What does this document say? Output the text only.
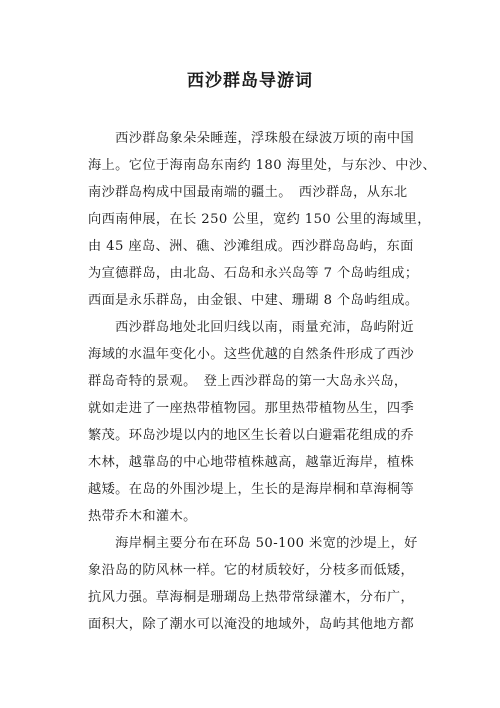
西沙群岛导游词
　　西沙群岛象朵朵睡莲，浮珠般在绿波万顷的南中国
海上。它位于海南岛东南约 180 海里处，与东沙、中沙、
南沙群岛构成中国最南端的疆土。　西沙群岛，从东北
向西南伸展，在长 250 公里，宽约 150 公里的海域里，
由 45 座岛、洲、礁、沙滩组成。西沙群岛岛屿，东面
为宣德群岛，由北岛、石岛和永兴岛等 7 个岛屿组成；
西面是永乐群岛，由金银、中建、珊瑚 8 个岛屿组成。
　　西沙群岛地处北回归线以南，雨量充沛，岛屿附近
海域的水温年变化小。这些优越的自然条件形成了西沙
群岛奇特的景观。　登上西沙群岛的第一大岛永兴岛，
就如走进了一座热带植物园。那里热带植物丛生，四季
繁茂。环岛沙堤以内的地区生长着以白避霜花组成的乔
木林，越靠岛的中心地带植株越高，越靠近海岸，植株
越矮。在岛的外围沙堤上，生长的是海岸桐和草海桐等
热带乔木和灌木。
　　海岸桐主要分布在环岛 50-100 米宽的沙堤上，好
象沿岛的防风林一样。它的材质较好，分枝多而低矮，
抗风力强。草海桐是珊瑚岛上热带常绿灌木，分布广，
面积大，除了潮水可以淹没的地域外，岛屿其他地方都
